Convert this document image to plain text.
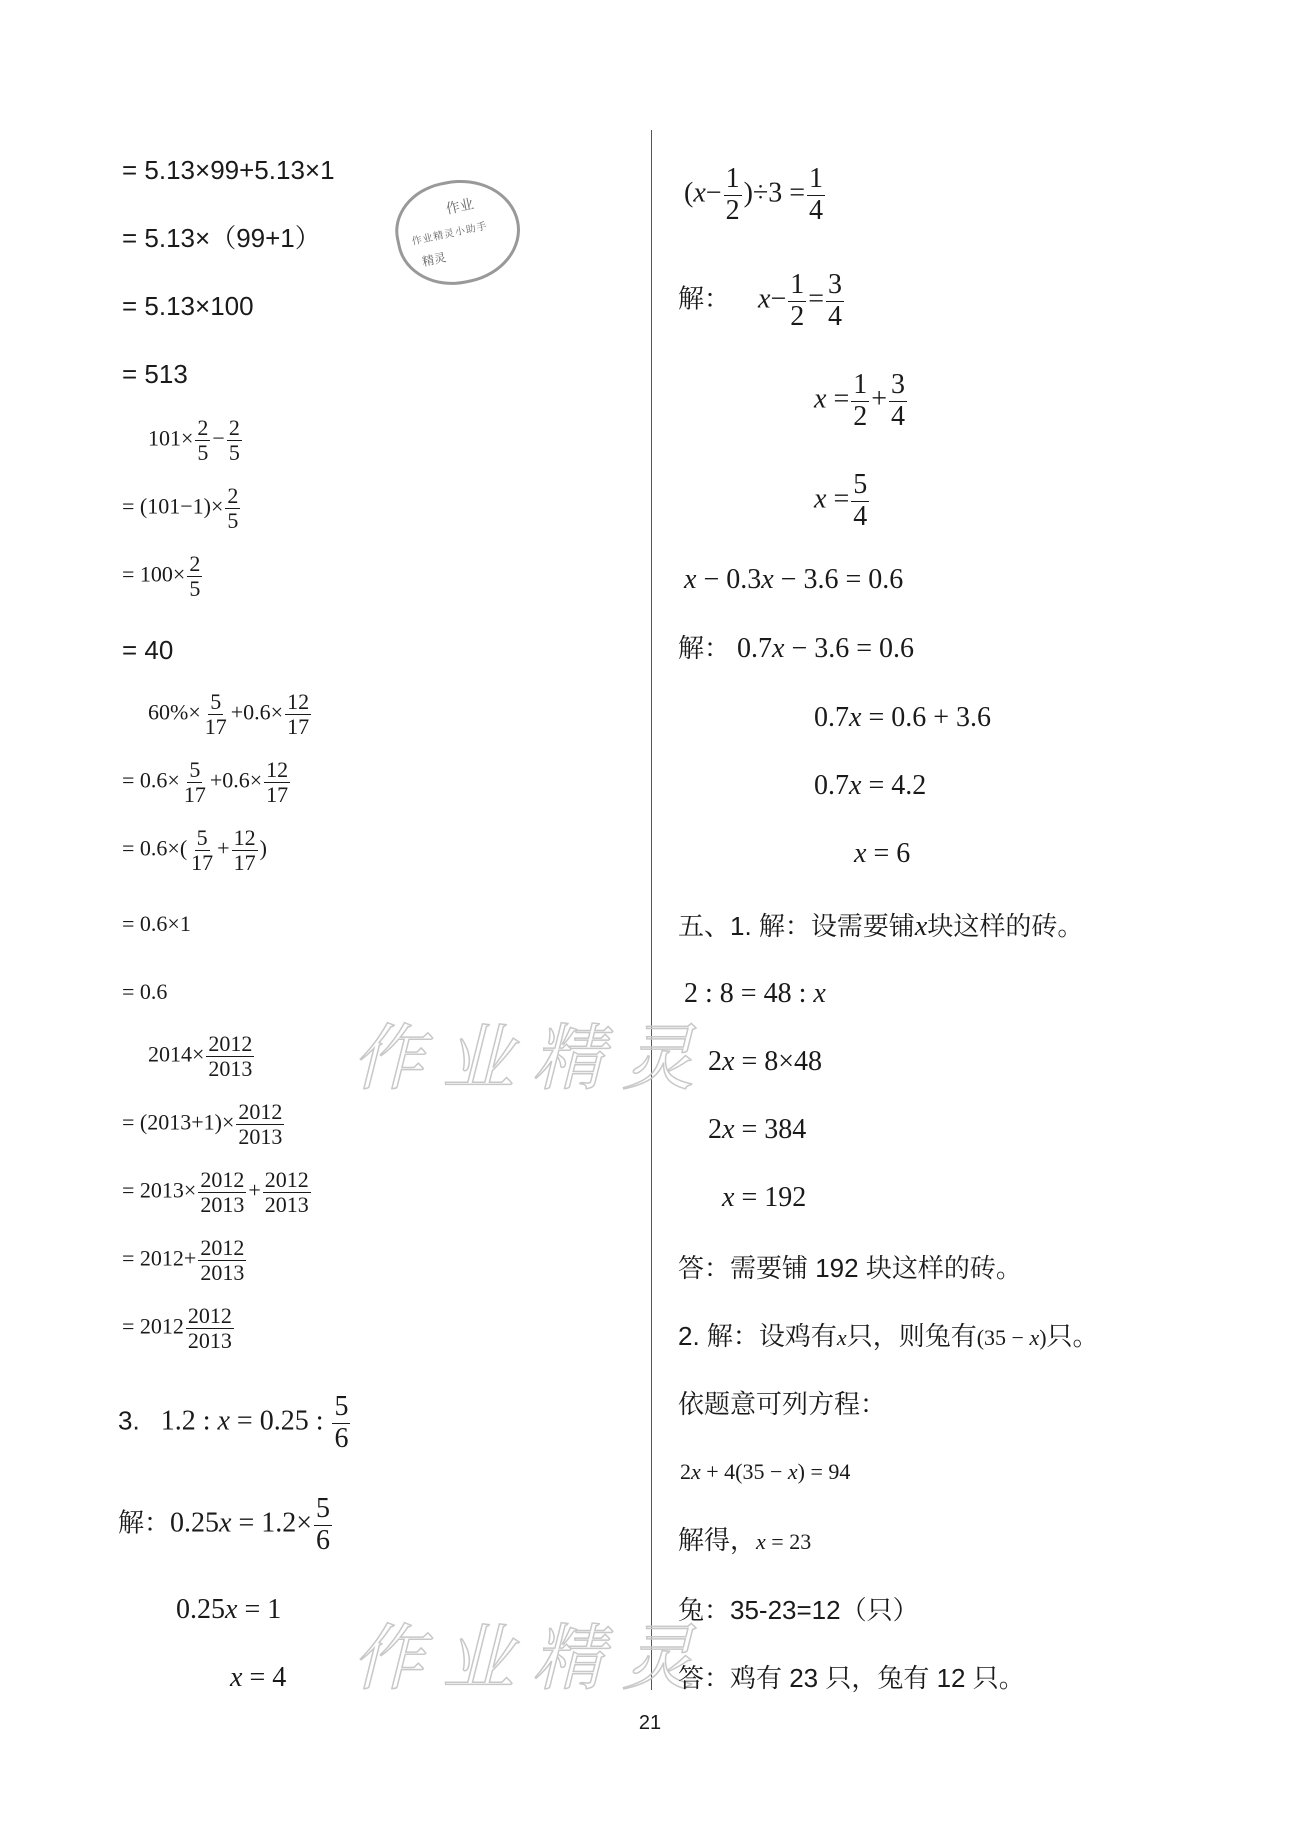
作业精灵
作业精灵
作业
作业精灵小助手
精灵
= 5.13×99+5.13×1
= 5.13×（99+1）
= 5.13×100
= 513
$101\times \frac{2}{5} - \frac{2}{5}$
= $(101-1)\times \frac{2}{5}$
= $100\times \frac{2}{5}$
= 40
$60\%\times \frac{5}{17} +0.6\times \frac{12}{17}$
= $0.6\times \frac{5}{17} +0.6\times \frac{12}{17}$
= $0.6\times( \frac{5}{17} + \frac{12}{17}$ )
= 0.6×1
= 0.6
$2014\times \frac{2012}{2013}$
= $(2013+1)\times \frac{2012}{2013}$
= $2013\times \frac{2012}{2013} + \frac{2012}{2013}$
= $2012+ \frac{2012}{2013}$
= $2012 \frac{2012}{2013}$
3. 1.2 : x = 0.25 : $\frac{5}{6}$
解：$0.25x = 1.2\times \frac{5}{6}$
0.25x = 1
x = 4
$(x- \frac{1}{2} )\div 3 = \frac{1}{4}$
解： $x- \frac{1}{2} = \frac{3}{4}$
$x = \frac{1}{2} + \frac{3}{4}$
$x = \frac{5}{4}$
x − 0.3x − 3.6 = 0.6
解： 0.7x − 3.6 = 0.6
0.7x = 0.6 + 3.6
0.7x = 4.2
x = 6
五、1. 解：设需要铺x块这样的砖。
2 : 8 = 48 : x
2x = 8×48
2x = 384
x = 192
答：需要铺 192 块这样的砖。
2. 解：设鸡有x只，则兔有(35 − x)只。
依题意可列方程：
2x + 4(35 − x) = 94
解得，x = 23
兔：35-23=12（只）
答：鸡有 23 只，兔有 12 只。
21
